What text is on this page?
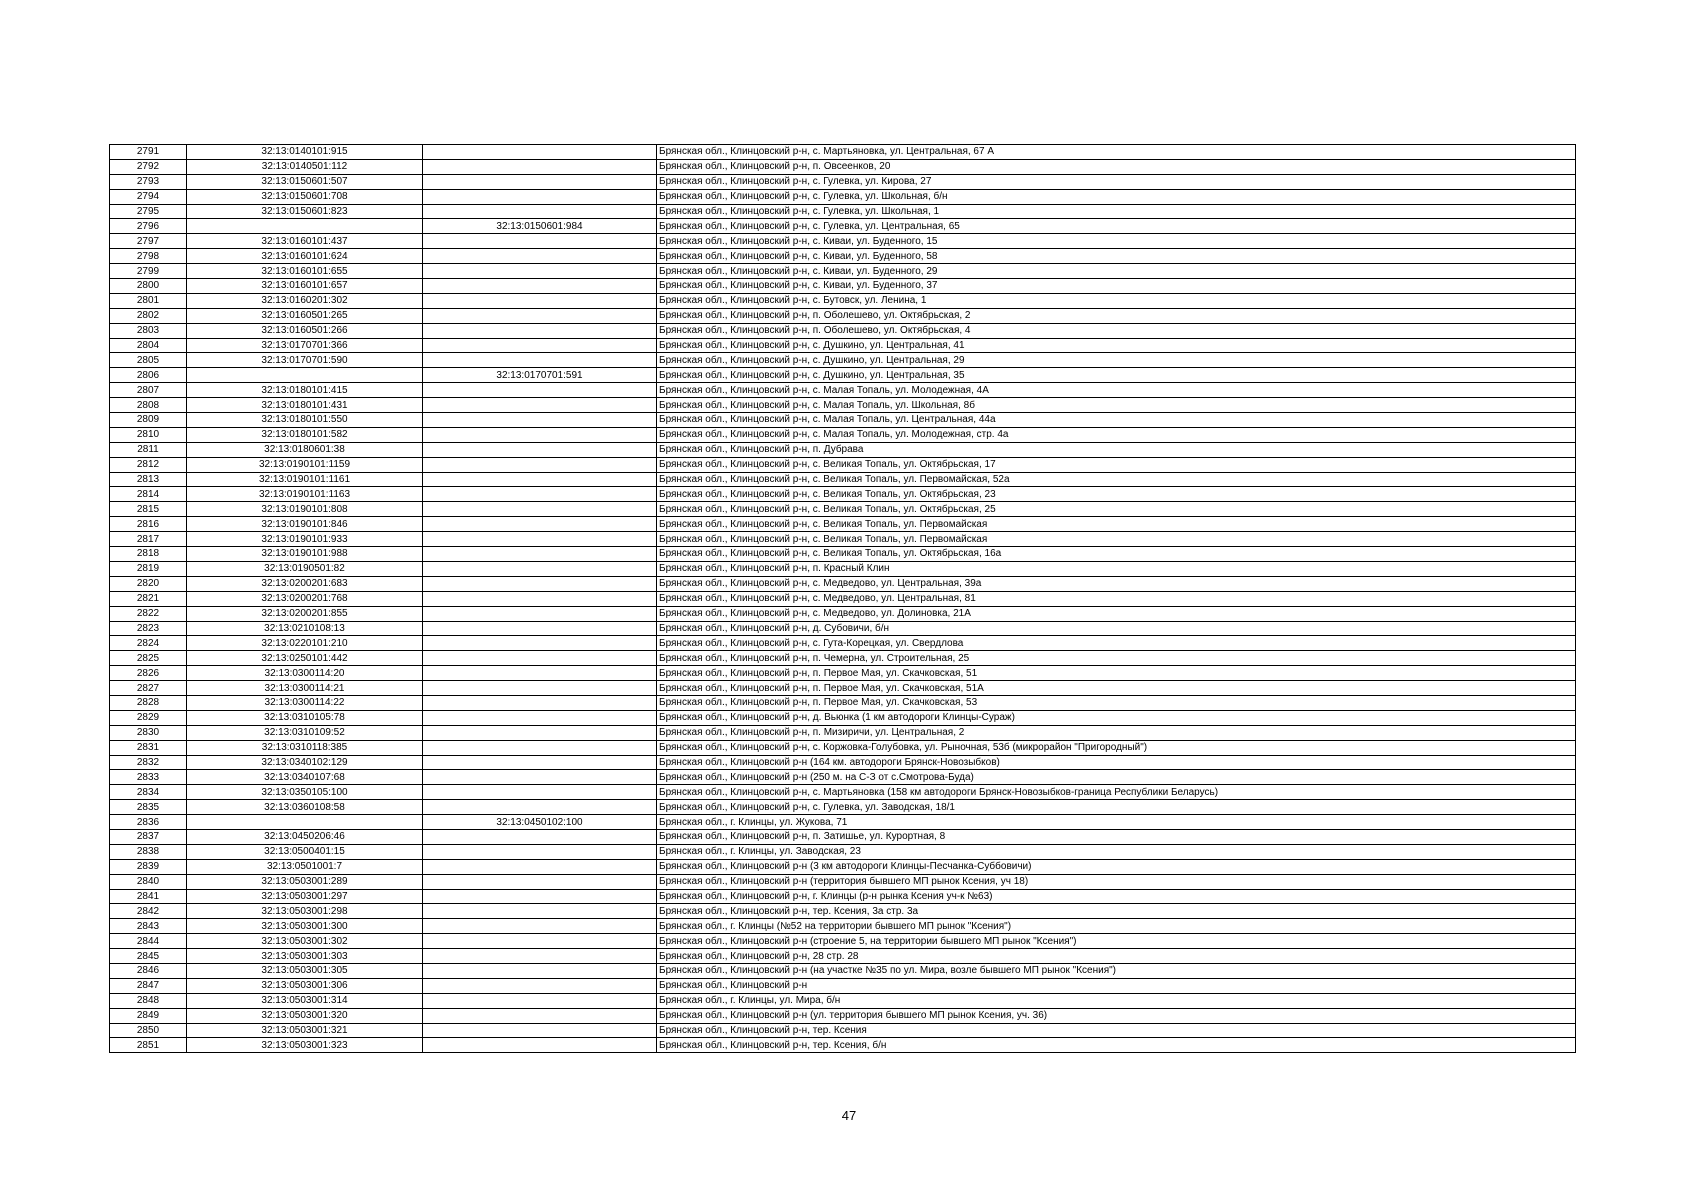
2791	32:13:0140101:915		Брянская обл., Клинцовский р-н, с. Мартьяновка, ул. Центральная, 67 А
2792	32:13:0140501:112		Брянская обл., Клинцовский р-н, п. Овсеенков, 20
2793	32:13:0150601:507		Брянская обл., Клинцовский р-н, с. Гулевка, ул. Кирова, 27
2794	32:13:0150601:708		Брянская обл., Клинцовский р-н, с. Гулевка, ул. Школьная, б/н
2795	32:13:0150601:823		Брянская обл., Клинцовский р-н, с. Гулевка, ул. Школьная, 1
2796		32:13:0150601:984	Брянская обл., Клинцовский р-н, с. Гулевка, ул. Центральная, 65
2797	32:13:0160101:437		Брянская обл., Клинцовский р-н, с. Киваи, ул. Буденного, 15
2798	32:13:0160101:624		Брянская обл., Клинцовский р-н, с. Киваи, ул. Буденного, 58
2799	32:13:0160101:655		Брянская обл., Клинцовский р-н, с. Киваи, ул. Буденного, 29
2800	32:13:0160101:657		Брянская обл., Клинцовский р-н, с. Киваи, ул. Буденного, 37
2801	32:13:0160201:302		Брянская обл., Клинцовский р-н, с. Бутовск, ул. Ленина, 1
2802	32:13:0160501:265		Брянская обл., Клинцовский р-н, п. Оболешево, ул. Октябрьская, 2
2803	32:13:0160501:266		Брянская обл., Клинцовский р-н, п. Оболешево, ул. Октябрьская, 4
2804	32:13:0170701:366		Брянская обл., Клинцовский р-н, с. Душкино, ул. Центральная, 41
2805	32:13:0170701:590		Брянская обл., Клинцовский р-н, с. Душкино, ул. Центральная, 29
2806		32:13:0170701:591	Брянская обл., Клинцовский р-н, с. Душкино, ул. Центральная, 35
2807	32:13:0180101:415		Брянская обл., Клинцовский р-н, с. Малая Топаль, ул. Молодежная, 4А
2808	32:13:0180101:431		Брянская обл., Клинцовский р-н, с. Малая Топаль, ул. Школьная, 8б
2809	32:13:0180101:550		Брянская обл., Клинцовский р-н, с. Малая Топаль, ул. Центральная, 44а
2810	32:13:0180101:582		Брянская обл., Клинцовский р-н, с. Малая Топаль, ул. Молодежная, стр. 4а
2811	32:13:0180601:38		Брянская обл., Клинцовский р-н, п. Дубрава
2812	32:13:0190101:1159		Брянская обл., Клинцовский р-н, с. Великая Топаль, ул. Октябрьская, 17
2813	32:13:0190101:1161		Брянская обл., Клинцовский р-н, с. Великая Топаль, ул. Первомайская, 52а
2814	32:13:0190101:1163		Брянская обл., Клинцовский р-н, с. Великая Топаль, ул. Октябрьская, 23
2815	32:13:0190101:808		Брянская обл., Клинцовский р-н, с. Великая Топаль, ул. Октябрьская, 25
2816	32:13:0190101:846		Брянская обл., Клинцовский р-н, с. Великая Топаль, ул. Первомайская
2817	32:13:0190101:933		Брянская обл., Клинцовский р-н, с. Великая Топаль, ул. Первомайская
2818	32:13:0190101:988		Брянская обл., Клинцовский р-н, с. Великая Топаль, ул. Октябрьская, 16а
2819	32:13:0190501:82		Брянская обл., Клинцовский р-н, п. Красный Клин
2820	32:13:0200201:683		Брянская обл., Клинцовский р-н, с. Медведово, ул. Центральная, 39а
2821	32:13:0200201:768		Брянская обл., Клинцовский р-н, с. Медведово, ул. Центральная, 81
2822	32:13:0200201:855		Брянская обл., Клинцовский р-н, с. Медведово, ул. Долиновка, 21А
2823	32:13:0210108:13		Брянская обл., Клинцовский р-н, д. Субовичи, б/н
2824	32:13:0220101:210		Брянская обл., Клинцовский р-н, с. Гута-Корецкая, ул. Свердлова
2825	32:13:0250101:442		Брянская обл., Клинцовский р-н, п. Чемерна, ул. Строительная, 25
2826	32:13:0300114:20		Брянская обл., Клинцовский р-н, п. Первое Мая, ул. Скачковская, 51
2827	32:13:0300114:21		Брянская обл., Клинцовский р-н, п. Первое Мая, ул. Скачковская, 51А
2828	32:13:0300114:22		Брянская обл., Клинцовский р-н, п. Первое Мая, ул. Скачковская, 53
2829	32:13:0310105:78		Брянская обл., Клинцовский р-н, д. Вьюнка (1 км автодороги Клинцы-Сураж)
2830	32:13:0310109:52		Брянская обл., Клинцовский р-н, п. Мизиричи, ул. Центральная, 2
2831	32:13:0310118:385		Брянская обл., Клинцовский р-н, с. Коржовка-Голубовка, ул. Рыночная, 53б (микрорайон "Пригородный")
2832	32:13:0340102:129		Брянская обл., Клинцовский р-н (164 км. автодороги Брянск-Новозыбков)
2833	32:13:0340107:68		Брянская обл., Клинцовский р-н (250 м. на С-З от с.Смотрова-Буда)
2834	32:13:0350105:100		Брянская обл., Клинцовский р-н, с. Мартьяновка (158 км автодороги Брянск-Новозыбков-граница Республики Беларусь)
2835	32:13:0360108:58		Брянская обл., Клинцовский р-н, с. Гулевка, ул. Заводская, 18/1
2836		32:13:0450102:100	Брянская обл., г. Клинцы, ул. Жукова, 71
2837	32:13:0450206:46		Брянская обл., Клинцовский р-н, п. Затишье, ул. Курортная, 8
2838	32:13:0500401:15		Брянская обл., г. Клинцы, ул. Заводская, 23
2839	32:13:0501001:7		Брянская обл., Клинцовский р-н (3 км автодороги Клинцы-Песчанка-Суббовичи)
2840	32:13:0503001:289		Брянская обл., Клинцовский р-н (территория бывшего МП рынок Ксения, уч 18)
2841	32:13:0503001:297		Брянская обл., Клинцовский р-н, г. Клинцы (р-н рынка Ксения уч-к №63)
2842	32:13:0503001:298		Брянская обл., Клинцовский р-н, тер. Ксения, 3а стр. 3а
2843	32:13:0503001:300		Брянская обл., г. Клинцы (№52 на территории бывшего МП рынок "Ксения")
2844	32:13:0503001:302		Брянская обл., Клинцовский р-н (строение 5, на территории бывшего МП рынок "Ксения")
2845	32:13:0503001:303		Брянская обл., Клинцовский р-н, 28 стр. 28
2846	32:13:0503001:305		Брянская обл., Клинцовский р-н (на участке №35 по ул. Мира, возле бывшего МП рынок "Ксения")
2847	32:13:0503001:306		Брянская обл., Клинцовский р-н
2848	32:13:0503001:314		Брянская обл., г. Клинцы, ул. Мира, б/н
2849	32:13:0503001:320		Брянская обл., Клинцовский р-н (ул. территория бывшего МП рынок Ксения, уч. 36)
2850	32:13:0503001:321		Брянская обл., Клинцовский р-н, тер. Ксения
2851	32:13:0503001:323		Брянская обл., Клинцовский р-н, тер. Ксения, б/н
47
